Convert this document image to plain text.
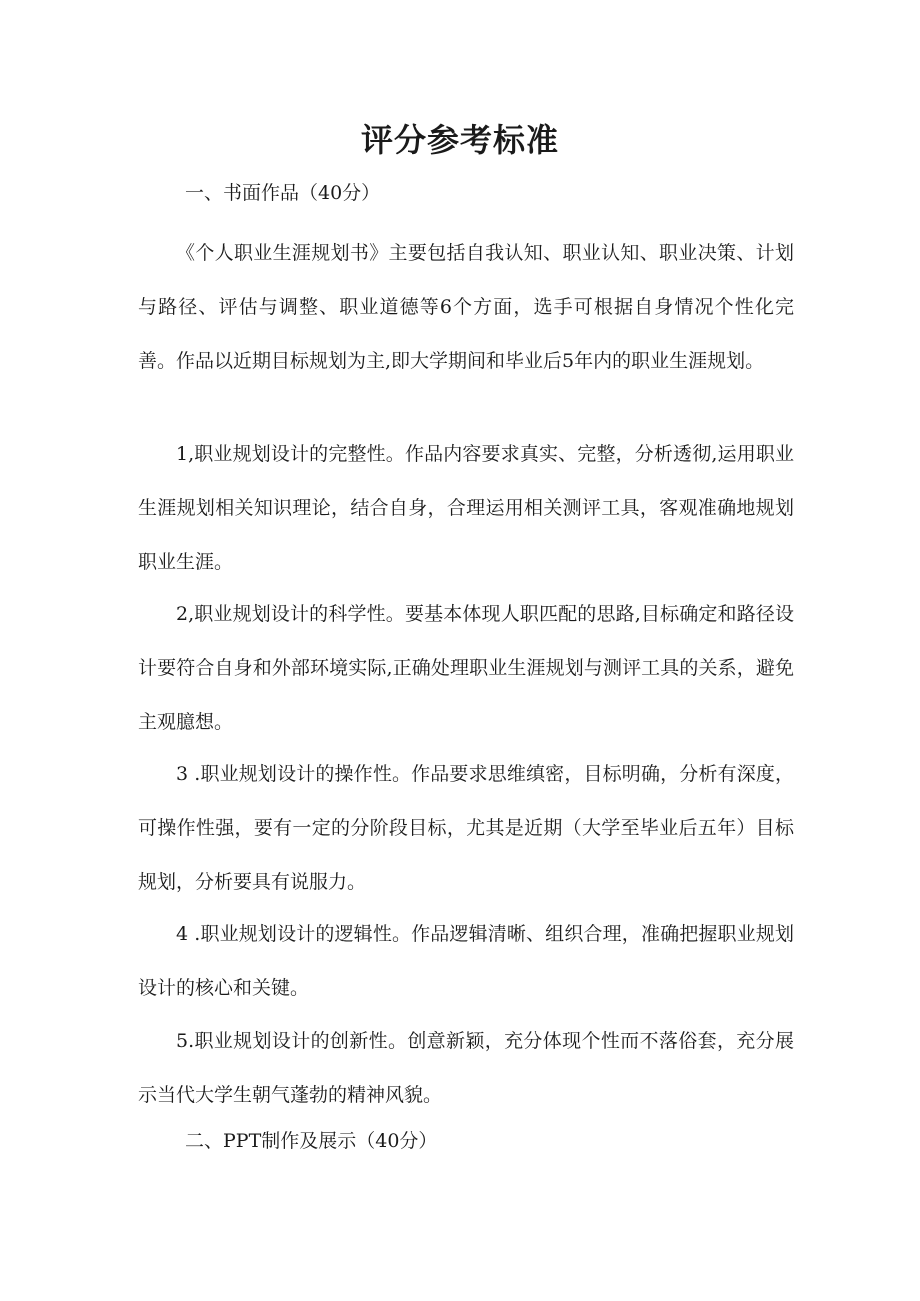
评分参考标准

一、书面作品（40分）

《个人职业生涯规划书》主要包括自我认知、职业认知、职业决策、计划与路径、评估与调整、职业道德等6个方面，选手可根据自身情况个性化完善。作品以近期目标规划为主,即大学期间和毕业后5年内的职业生涯规划。

1,职业规划设计的完整性。作品内容要求真实、完整，分析透彻,运用职业生涯规划相关知识理论，结合自身，合理运用相关测评工具，客观准确地规划职业生涯。

2,职业规划设计的科学性。要基本体现人职匹配的思路,目标确定和路径设计要符合自身和外部环境实际,正确处理职业生涯规划与测评工具的关系，避免主观臆想。

3 .职业规划设计的操作性。作品要求思维缜密，目标明确，分析有深度，可操作性强，要有一定的分阶段目标，尤其是近期（大学至毕业后五年）目标规划，分析要具有说服力。

4 .职业规划设计的逻辑性。作品逻辑清晰、组织合理，准确把握职业规划设计的核心和关键。

5.职业规划设计的创新性。创意新颖，充分体现个性而不落俗套，充分展示当代大学生朝气蓬勃的精神风貌。

二、PPT制作及展示（40分）
